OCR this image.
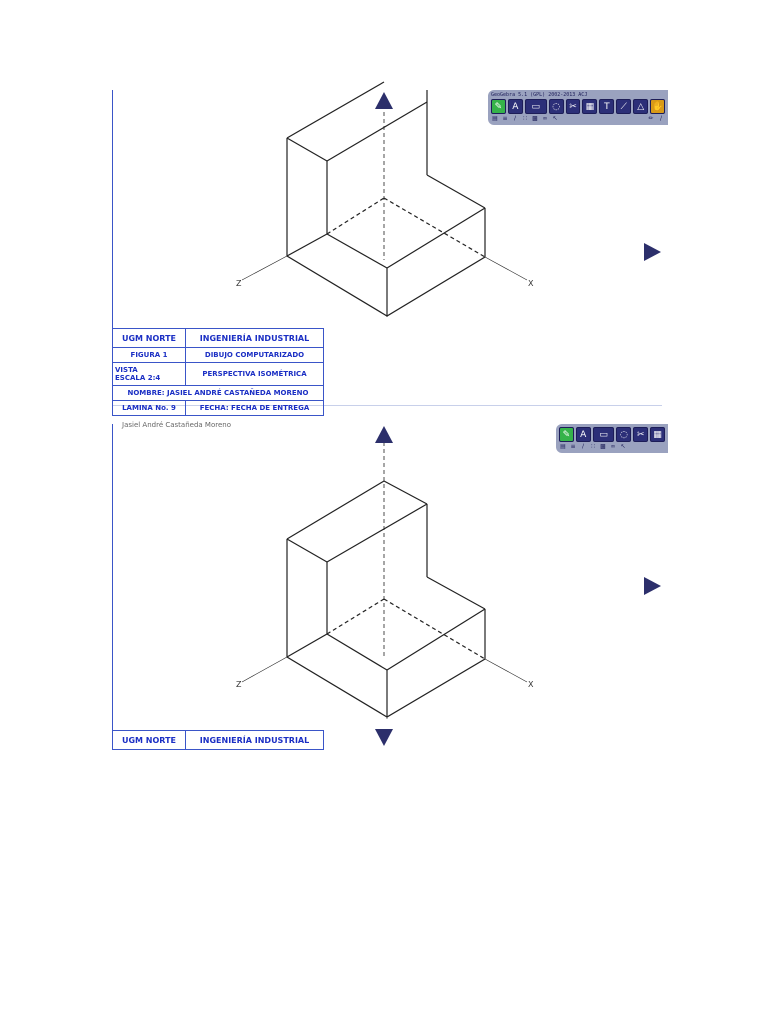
Z	X
GeoGebra 5.1 (GPL) 2002-2013 ACJ
✎	A	▭	◌	✂ ▦	T	⟋	△ ✋
▤ ≡	∕	∷ ▩ ∞ ↖	✏	/
UGM NORTE	INGENIERÍA INDUSTRIAL
FIGURA 1	DIBUJO COMPUTARIZADO

VISTA
ESCALA 2:4	PERSPECTIVA ISOMÉTRICA
NOMBRE: JASIEL ANDRÉ CASTAÑEDA MORENO	
LAMINA No. 9	FECHA: FECHA DE ENTREGA
Jasiel André Castañeda Moreno
Z	X
✎	A	▭	◌	✂ ▦
▤ ≡	∕	∷ ▩ ∞ ↖
UGM NORTE	INGENIERÍA INDUSTRIAL
